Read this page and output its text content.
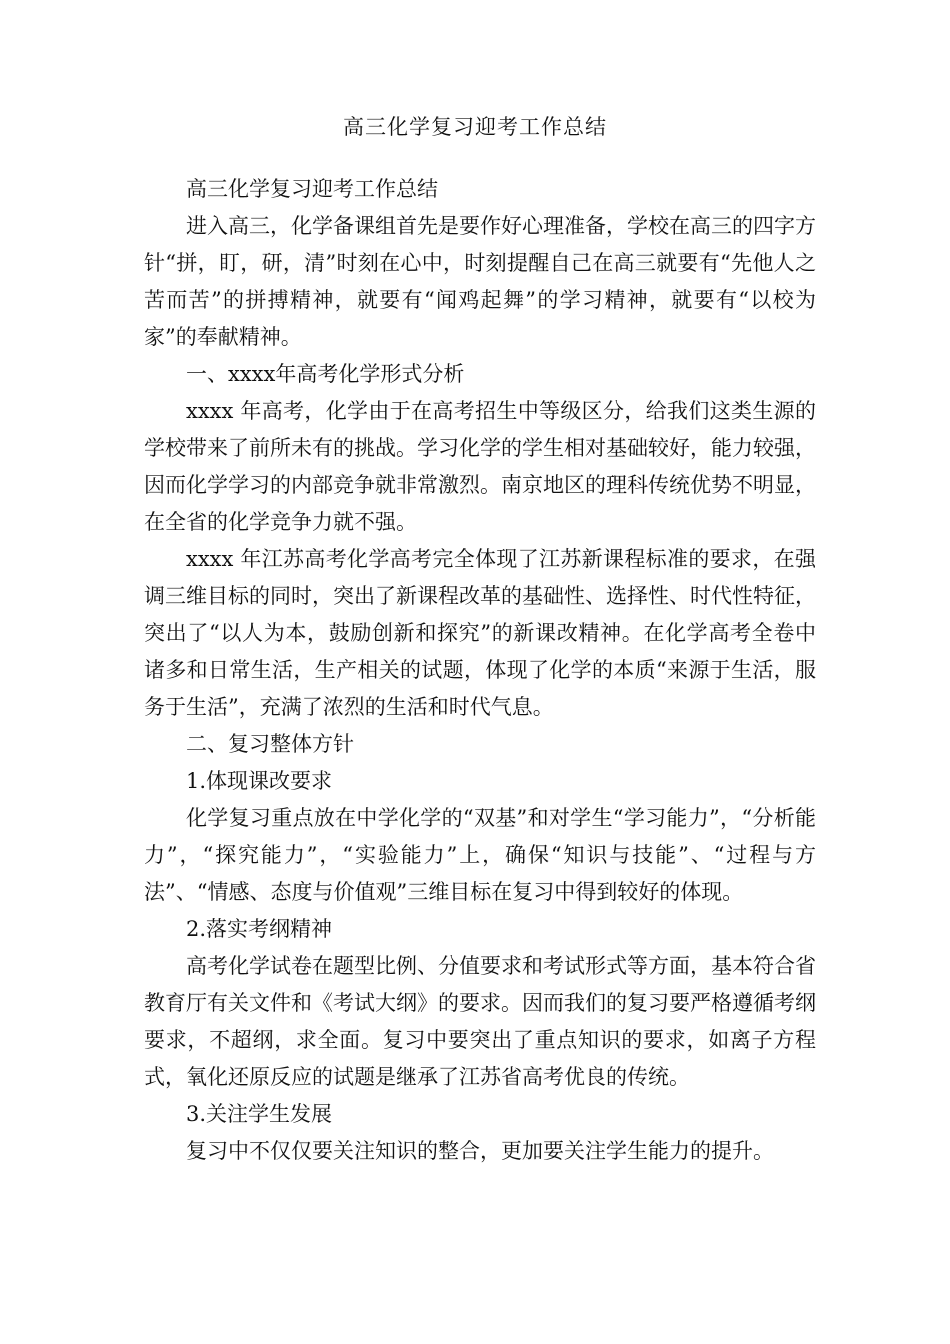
高三化学复习迎考工作总结

高三化学复习迎考工作总结

进入高三，化学备课组首先是要作好心理准备，学校在高三的四字方针“拼，盯，研，清”时刻在心中，时刻提醒自己在高三就要有“先他人之苦而苦”的拼搏精神，就要有“闻鸡起舞”的学习精神，就要有“以校为家”的奉献精神。

一、xxxx年高考化学形式分析

xxxx 年高考，化学由于在高考招生中等级区分，给我们这类生源的学校带来了前所未有的挑战。学习化学的学生相对基础较好，能力较强，因而化学学习的内部竞争就非常激烈。南京地区的理科传统优势不明显，在全省的化学竞争力就不强。

xxxx 年江苏高考化学高考完全体现了江苏新课程标准的要求，在强调三维目标的同时，突出了新课程改革的基础性、选择性、时代性特征，突出了“以人为本，鼓励创新和探究”的新课改精神。在化学高考全卷中诸多和日常生活，生产相关的试题，体现了化学的本质“来源于生活，服务于生活”，充满了浓烈的生活和时代气息。

二、复习整体方针

1.体现课改要求

化学复习重点放在中学化学的“双基”和对学生“学习能力”，“分析能力”，“探究能力”，“实验能力”上，确保“知识与技能”、“过程与方法”、“情感、态度与价值观”三维目标在复习中得到较好的体现。

2.落实考纲精神

高考化学试卷在题型比例、分值要求和考试形式等方面，基本符合省教育厅有关文件和《考试大纲》的要求。因而我们的复习要严格遵循考纲要求，不超纲，求全面。复习中要突出了重点知识的要求，如离子方程式，氧化还原反应的试题是继承了江苏省高考优良的传统。

3.关注学生发展

复习中不仅仅要关注知识的整合，更加要关注学生能力的提升。
